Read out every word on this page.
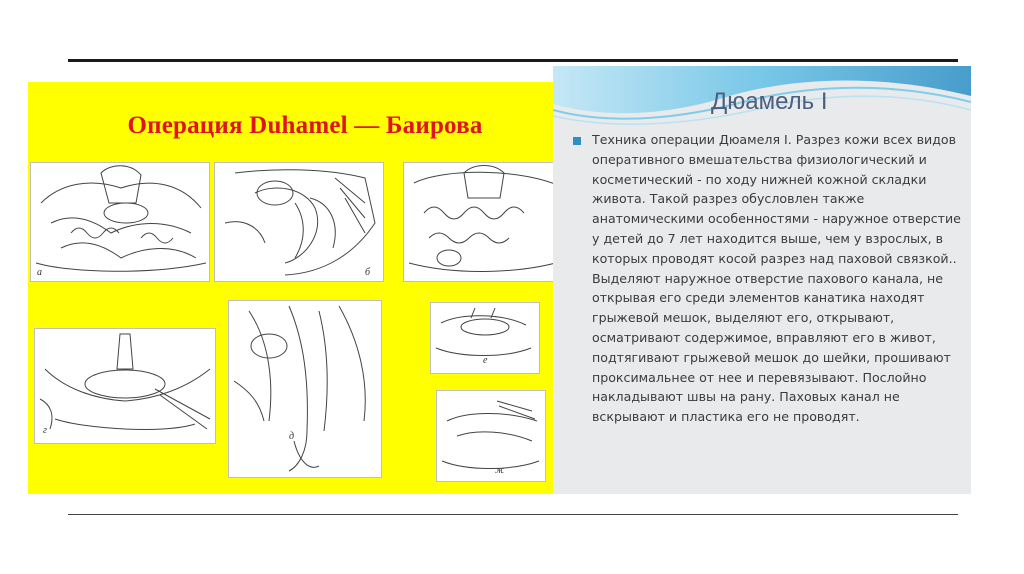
Операция Duhamel — Баирова
а	б
г
д
е
ж
Дюамель I
Техника операции Дюамеля I. Разрез кожи всех видов оперативного вмешательства физиологический и косметический - по ходу нижней кожной складки живота. Такой разрез обусловлен также анатомическими особенностями - наружное отверстие у детей до 7 лет находится выше, чем у взрослых, в которых проводят косой разрез над паховой связкой.. Выделяют наружное отверстие пахового канала, не открывая его среди элементов канатика находят грыжевой мешок, выделяют его, открывают, осматривают содержимое, вправляют его в живот, подтягивают грыжевой мешок до шейки, прошивают проксимальнее от нее и перевязывают. Послойно накладывают швы на рану. Паховых канал не вскрывают и пластика его не проводят.
